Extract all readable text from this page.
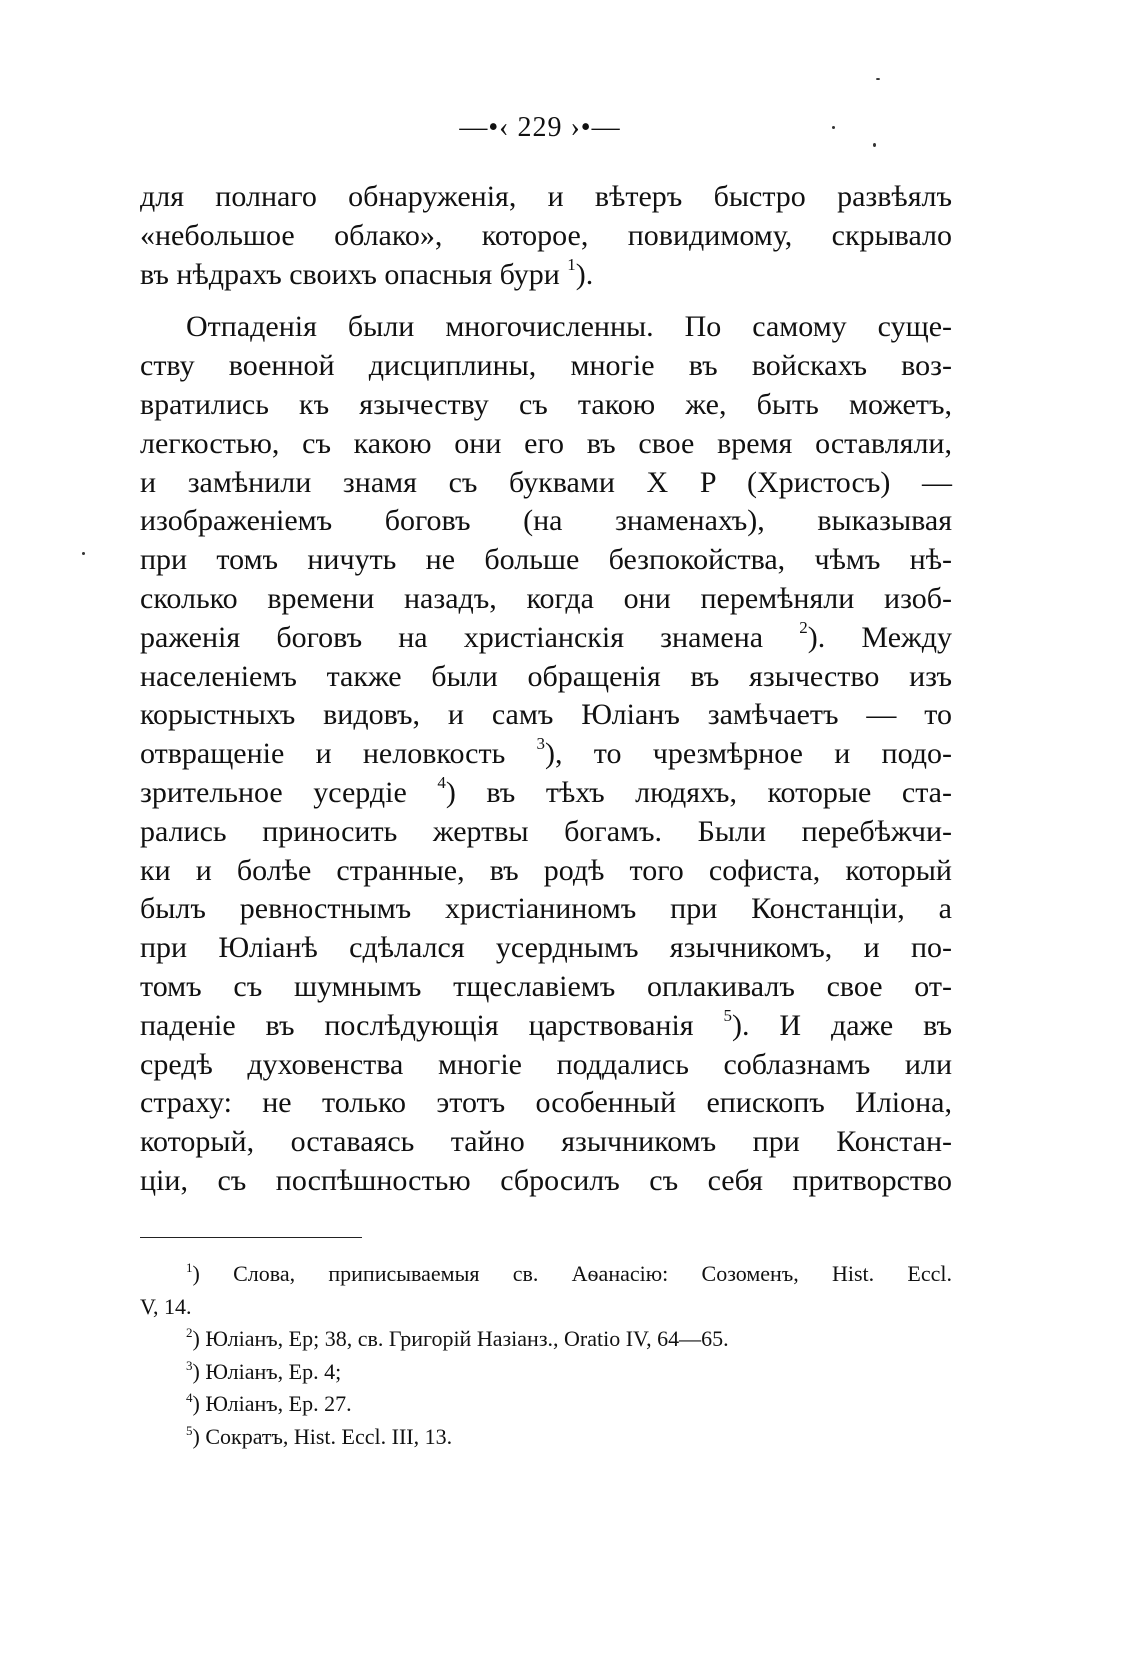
—•‹ 229 ›•—
для полнаго обнаруженія, и вѣтеръ быстро развѣялъ
«небольшое облако», которое, повидимому, скрывало
въ нѣдрахъ своихъ опасныя бури $^1$).
Отпаденія были многочисленны. По самому суще-
ству военной дисциплины, многіе въ войскахъ воз-
вратились къ язычеству съ такою же, быть можетъ,
легкостью, съ какою они его въ свое время оставляли,
и замѣнили знамя съ буквами X P (Христосъ) —
изображеніемъ боговъ (на знаменахъ), выказывая
при томъ ничуть не больше безпокойства, чѣмъ нѣ-
сколько времени назадъ, когда они перемѣняли изоб-
раженія боговъ на христіанскія знамена $^2$). Между
населеніемъ также были обращенія въ язычество изъ
корыстныхъ видовъ, и самъ Юліанъ замѣчаетъ — то
отвращеніе и неловкость $^3$), то чрезмѣрное и подо-
зрительное усердіе $^4$) въ тѣхъ людяхъ, которые ста-
рались приносить жертвы богамъ. Были перебѣжчи-
ки и болѣе странные, въ родѣ того софиста, который
былъ ревностнымъ христіаниномъ при Констанціи, а
при Юліанѣ сдѣлался усерднымъ язычникомъ, и по-
томъ съ шумнымъ тщеславіемъ оплакивалъ свое от-
паденіе въ послѣдующія царствованія $^5$). И даже въ
средѣ духовенства многіе поддались соблазнамъ или
страху: не только этотъ особенный епископъ Иліона,
который, оставаясь тайно язычникомъ при Констан-
ціи, съ поспѣшностью сбросилъ съ себя притворство
$^1$) Слова, приписываемыя св. Аѳанасію: Созоменъ, Hist. Eccl.
V, 14.
$^2$) Юліанъ, Ep; 38, св. Григорій Назіанз., Oratio IV, 64—65.
$^3$) Юліанъ, Ep. 4;
$^4$) Юліанъ, Ep. 27.
$^5$) Сократъ, Hist. Eccl. III, 13.
